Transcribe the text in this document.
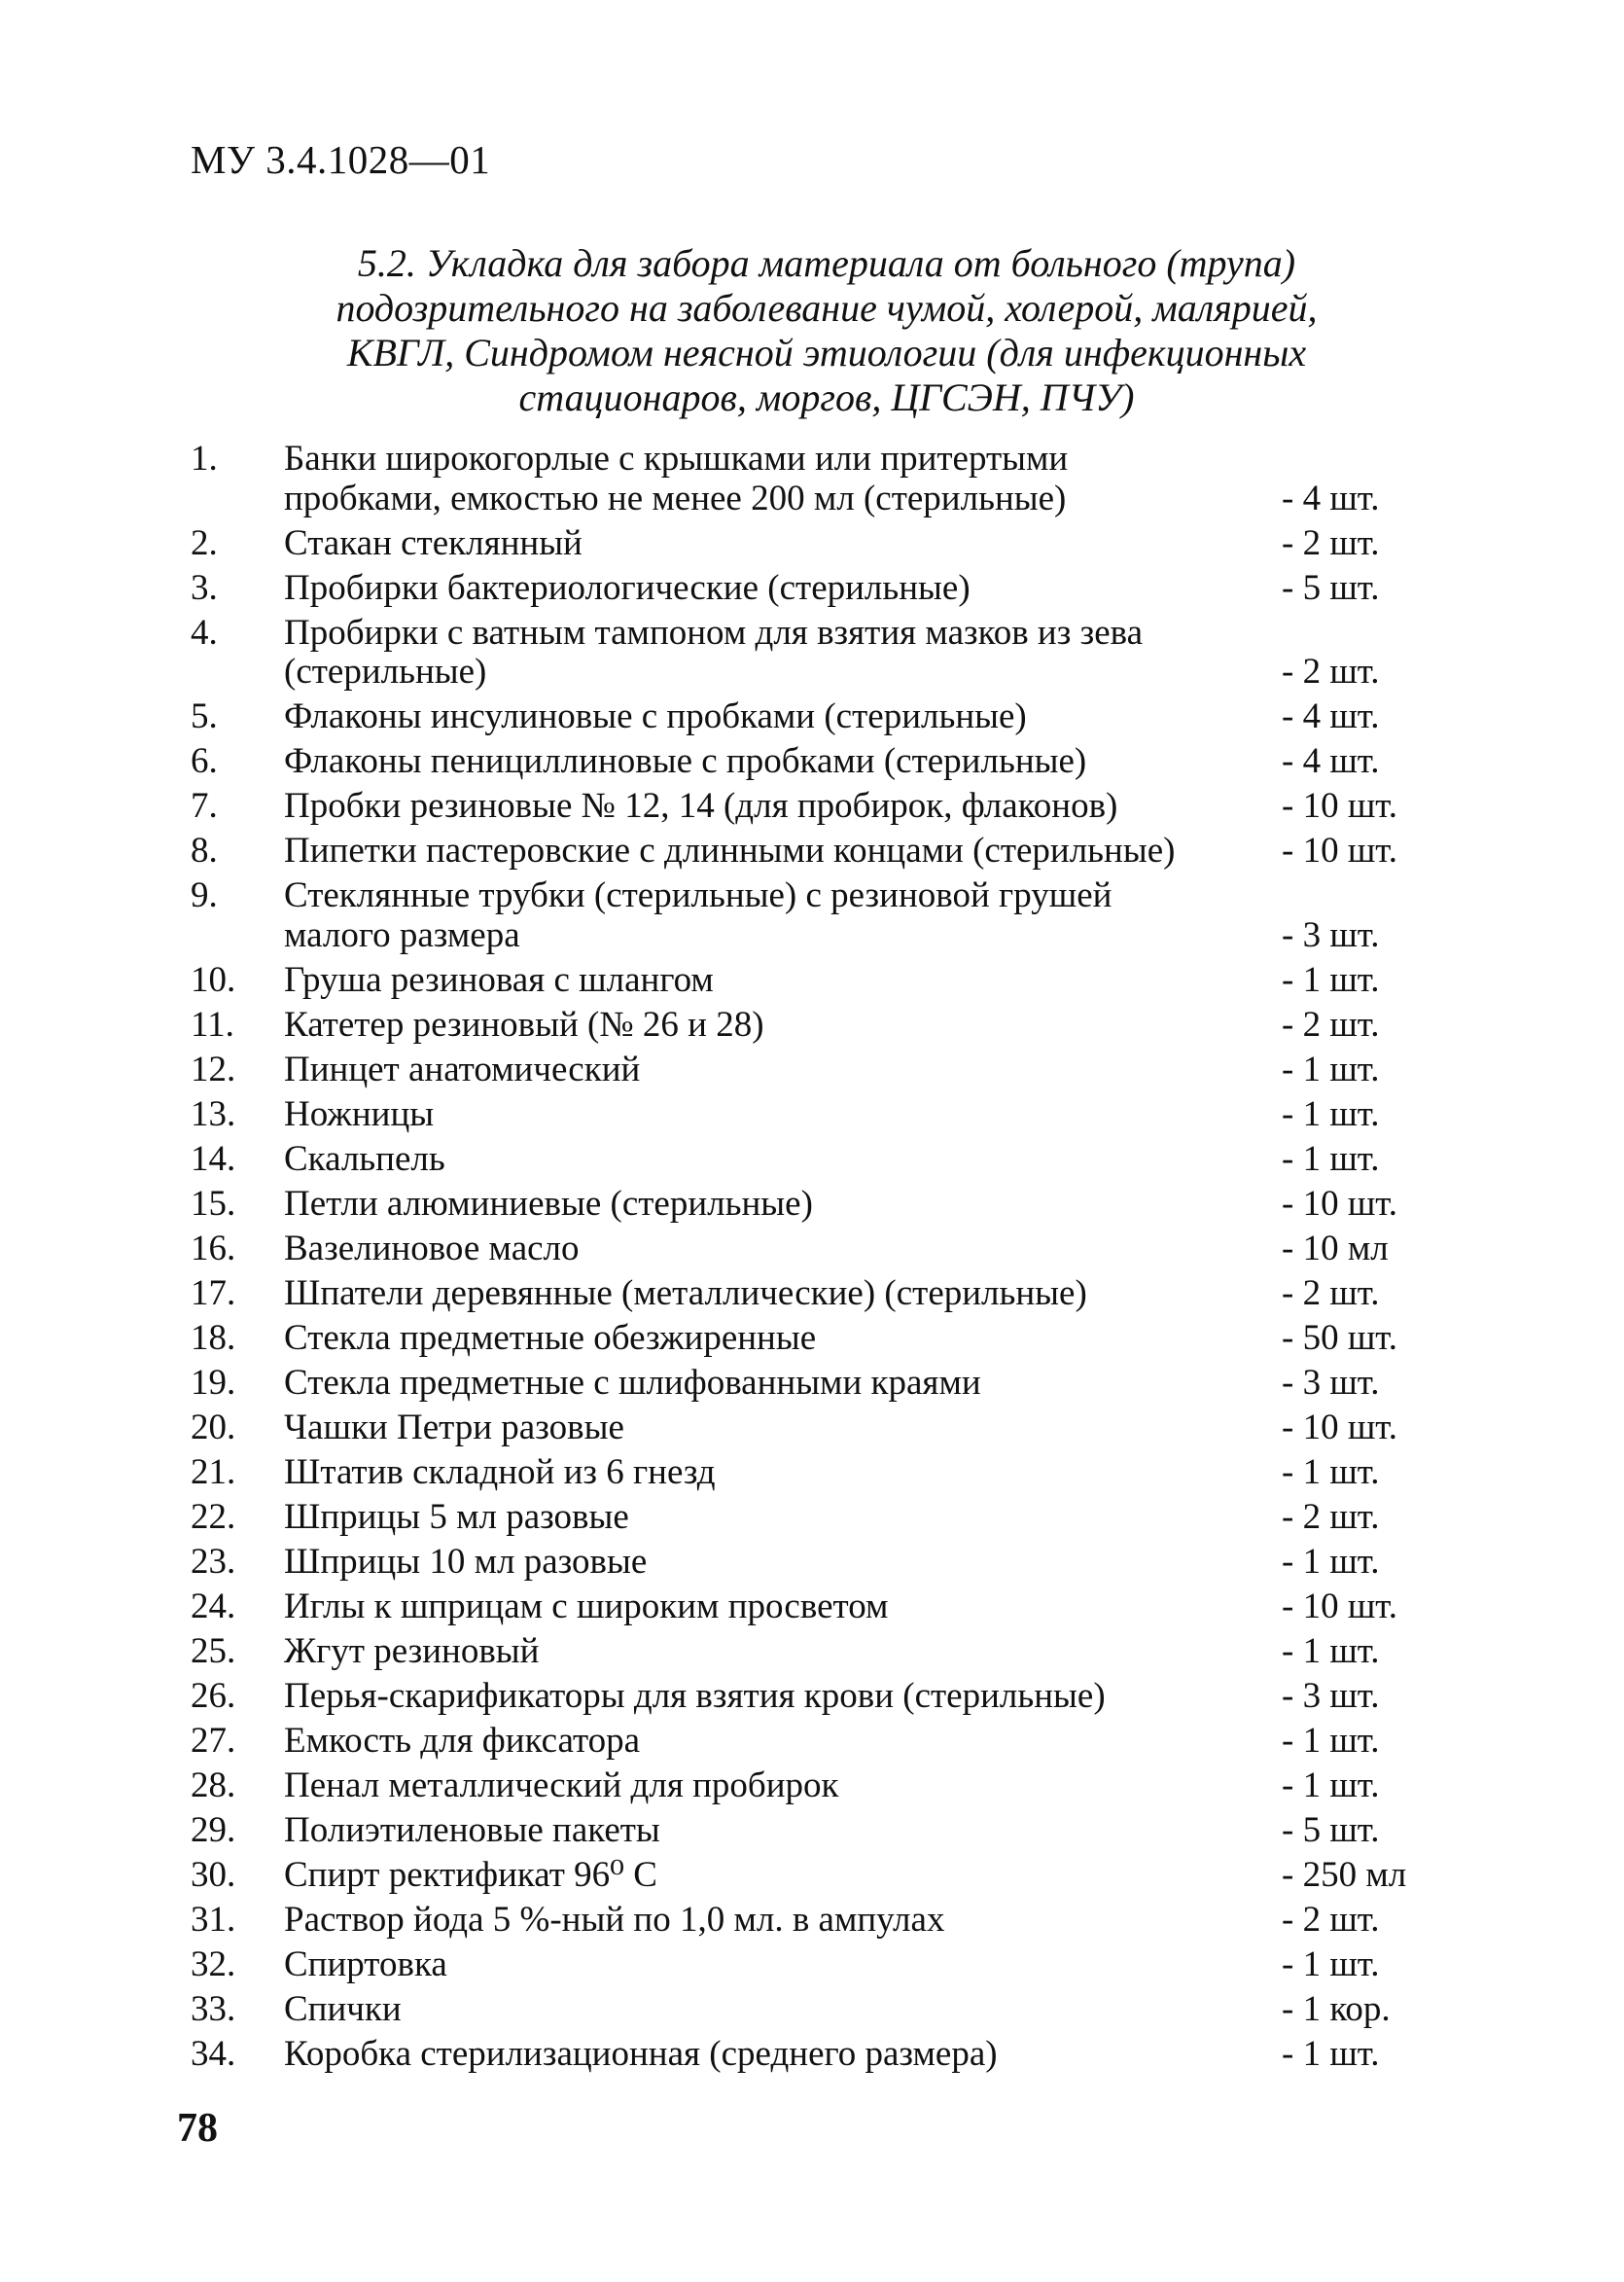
МУ 3.4.1028—01
5.2. Укладка для забора материала от больного (трупа)
подозрительного на заболевание чумой, холерой, малярией,
КВГЛ, Синдромом неясной этиологии (для инфекционных
стационаров, моргов, ЦГСЭН, ПЧУ)
1.	Банки широкогорлые с крышками или притертыми
пробками, емкостью не менее 200 мл (стерильные)	- 4 шт.
2.	Стакан стеклянный	- 2 шт.
3.	Пробирки бактериологические (стерильные)	- 5 шт.
4.	Пробирки с ватным тампоном для взятия мазков из зева
(стерильные)	- 2 шт.
5.	Флаконы инсулиновые с пробками (стерильные)	- 4 шт.
6.	Флаконы пенициллиновые с пробками (стерильные)	- 4 шт.
7.	Пробки резиновые № 12, 14 (для пробирок, флаконов)	- 10 шт.
8.	Пипетки пастеровские с длинными концами (стерильные)	- 10 шт.
9.	Стеклянные трубки (стерильные) с резиновой грушей
малого размера	- 3 шт.
10.	Груша резиновая с шлангом	- 1 шт.
11.	Катетер резиновый (№ 26 и 28)	- 2 шт.
12.	Пинцет анатомический	- 1 шт.
13.	Ножницы	- 1 шт.
14.	Скальпель	- 1 шт.
15.	Петли алюминиевые (стерильные)	- 10 шт.
16.	Вазелиновое масло	- 10 мл
17.	Шпатели деревянные (металлические) (стерильные)	- 2 шт.
18.	Стекла предметные обезжиренные	- 50 шт.
19.	Стекла предметные с шлифованными краями	- 3 шт.
20.	Чашки Петри разовые	- 10 шт.
21.	Штатив складной из 6 гнезд	- 1 шт.
22.	Шприцы 5 мл разовые	- 2 шт.
23.	Шприцы 10 мл разовые	- 1 шт.
24.	Иглы к шприцам с широким просветом	- 10 шт.
25.	Жгут резиновый	- 1 шт.
26.	Перья-скарификаторы для взятия крови (стерильные)	- 3 шт.
27.	Емкость для фиксатора	- 1 шт.
28.	Пенал металлический для пробирок	- 1 шт.
29.	Полиэтиленовые пакеты	- 5 шт.
30.	Спирт ректификат 96⁰ С	- 250 мл
31.	Раствор йода 5 %-ный по 1,0 мл. в ампулах	- 2 шт.
32.	Спиртовка	- 1 шт.
33.	Спички	- 1 кор.
34.	Коробка стерилизационная (среднего размера)	- 1 шт.
78
